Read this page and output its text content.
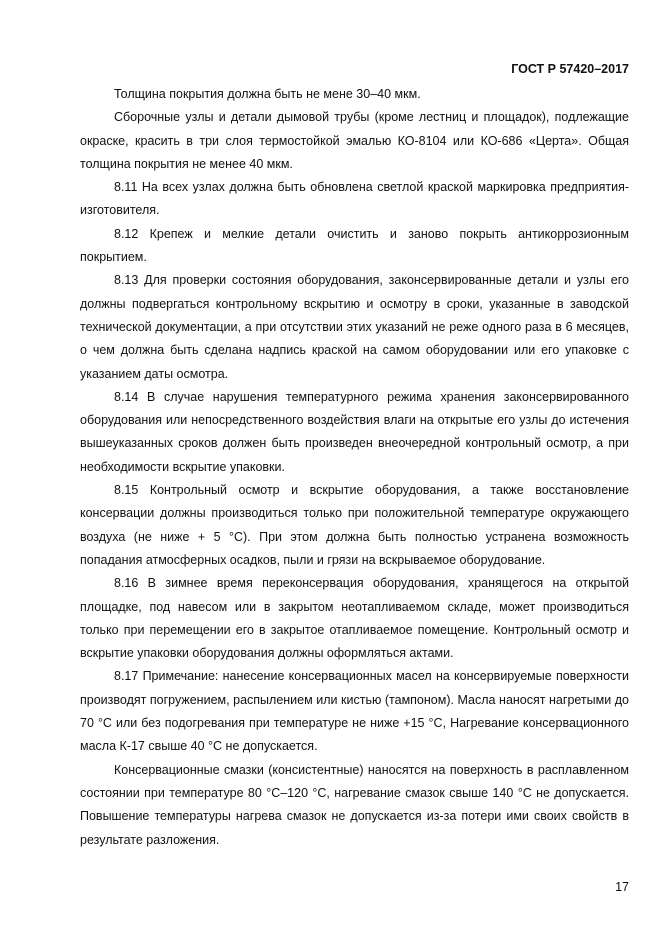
ГОСТ Р 57420–2017

Толщина покрытия должна быть не мене 30–40 мкм.

Сборочные узлы и детали дымовой трубы (кроме лестниц и площадок), подлежащие окраске, красить в три слоя термостойкой эмалью КО-8104 или КО-686 «Церта». Общая толщина покрытия не менее 40 мкм.

8.11 На всех узлах должна быть обновлена светлой краской маркировка предприятия-изготовителя.

8.12 Крепеж и мелкие детали очистить и заново покрыть антикоррозионным покрытием.

8.13 Для проверки состояния оборудования, законсервированные детали и узлы его должны подвергаться контрольному вскрытию и осмотру в сроки, указанные в заводской технической документации, а при отсутствии этих указаний не реже одного раза в 6 месяцев, о чем должна быть сделана надпись краской на самом оборудовании или его упаковке с указанием даты осмотра.

8.14 В случае нарушения температурного режима хранения законсервированного оборудования или непосредственного воздействия влаги на открытые его узлы до истечения вышеуказанных сроков должен быть произведен внеочередной контрольный осмотр, а при необходимости вскрытие упаковки.

8.15 Контрольный осмотр и вскрытие оборудования, а также восстановление консервации должны производиться только при положительной температуре окружающего воздуха (не ниже + 5 °С). При этом должна быть полностью устранена возможность попадания атмосферных осадков, пыли и грязи на вскрываемое оборудование.

8.16 В зимнее время переконсервация оборудования, хранящегося на открытой площадке, под навесом или в закрытом неотапливаемом складе, может производиться только при перемещении его в закрытое отапливаемое помещение. Контрольный осмотр и вскрытие упаковки оборудования должны оформляться актами.

8.17 Примечание: нанесение консервационных масел на консервируемые поверхности производят погружением, распылением или кистью (тампоном). Масла наносят нагретыми до 70 °С или без подогревания при температуре не ниже +15 °С, Нагревание консервационного масла К-17 свыше 40 °С не допускается.

Консервационные смазки (консистентные) наносятся на поверхность в расплавленном состоянии при температуре 80 °С–120 °С, нагревание смазок свыше 140 °С не допускается. Повышение температуры нагрева смазок не допускается из-за потери ими своих свойств в результате разложения.

17
